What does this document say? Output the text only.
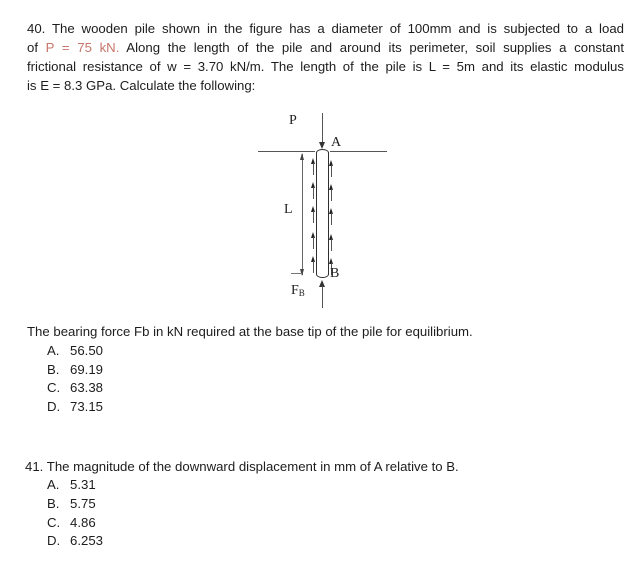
40. The wooden pile shown in the figure has a diameter of 100mm and is subjected to a load
of P = 75 kN. Along the length of the pile and around its perimeter, soil supplies a constant
frictional resistance of w = 3.70 kN/m. The length of the pile is L = 5m and its elastic modulus
is E = 8.3 GPa. Calculate the following:
P
A
L
B
$F_B$
The bearing force Fb in kN required at the base tip of the pile for equilibrium.
A. 56.50
B. 69.19
C. 63.38
D. 73.15
41. The magnitude of the downward displacement in mm of A relative to B.
A. 5.31
B. 5.75
C. 4.86
D. 6.253
